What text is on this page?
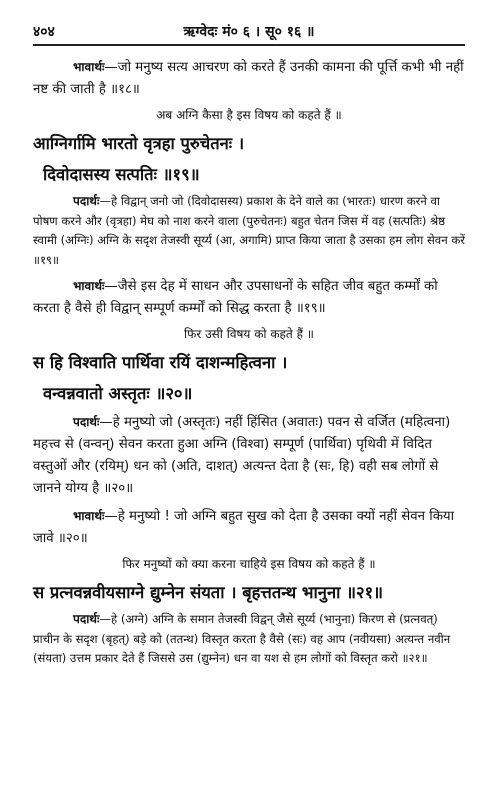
४०४	ऋग्वेदः मं० ६ । सू० १६ ॥

भावार्थः—जो मनुष्य सत्य आचरण को करते हैं उनकी कामना की पूर्त्ति कभी भी नहीं नष्ट की जाती है ॥१८॥

अब अग्नि कैसा है इस विषय को कहते हैं ॥

आग्निर्गामि भारतो वृत्रहा पुरुचेतनः ।

दिवोदासस्य सत्पतिः ॥१९॥

पदार्थः—हे विद्वान् जनो जो (दिवोदासस्य) प्रकाश के देने वाले का (भारतः) धारण करने वा पोषण करने और (वृत्रहा) मेघ को नाश करने वाला (पुरुचेतनः) बहुत चेतन जिस में वह (सत्पतिः) श्रेष्ठ स्वामी (अग्निः) अग्नि के सदृश तेजस्वी सूर्य्य (आ, अगामि) प्राप्त किया जाता है उसका हम लोग सेवन करें ॥१९॥

भावार्थः—जैसे इस देह में साधन और उपसाधनों के सहित जीव बहुत कर्म्मों को करता है वैसे ही विद्वान् सम्पूर्ण कर्म्मों को सिद्ध करता है ॥१९॥

फिर उसी विषय को कहते हैं ॥

स हि विश्वाति पार्थिवा रयिं दाशन्महित्वना ।

वन्वन्नवातो अस्तृतः ॥२०॥

पदार्थः—हे मनुष्यो जो (अस्तृतः) नहीं हिंसित (अवातः) पवन से वर्जित (महित्वना) महत्त्व से (वन्वन्) सेवन करता हुआ अग्नि (विश्वा) सम्पूर्ण (पार्थिवा) पृथिवी में विदित वस्तुओं और (रयिम्) धन को (अति, दाशत्) अत्यन्त देता है (सः, हि) वही सब लोगों से जानने योग्य है ॥२०॥

भावार्थः—हे मनुष्यो ! जो अग्नि बहुत सुख को देता है उसका क्यों नहीं सेवन किया जावे ॥२०॥

फिर मनुष्यों को क्या करना चाहिये इस विषय को कहते हैं ॥

स प्रत्नवन्नवीयसाग्ने द्युम्नेन संयता । बृहत्ततन्थ भानुना ॥२१॥

पदार्थः—हे (अग्ने) अग्नि के समान तेजस्वी विद्वन् जैसे सूर्य्य (भानुना) किरण से (प्रत्नवत्) प्राचीन के सदृश (बृहत्) बड़े को (ततन्थ) विस्तृत करता है वैसे (सः) वह आप (नवीयसा) अत्यन्त नवीन (संयता) उत्तम प्रकार देते हैं जिससे उस (द्युम्नेन) धन वा यश से हम लोगों को विस्तृत करो ॥२१॥
